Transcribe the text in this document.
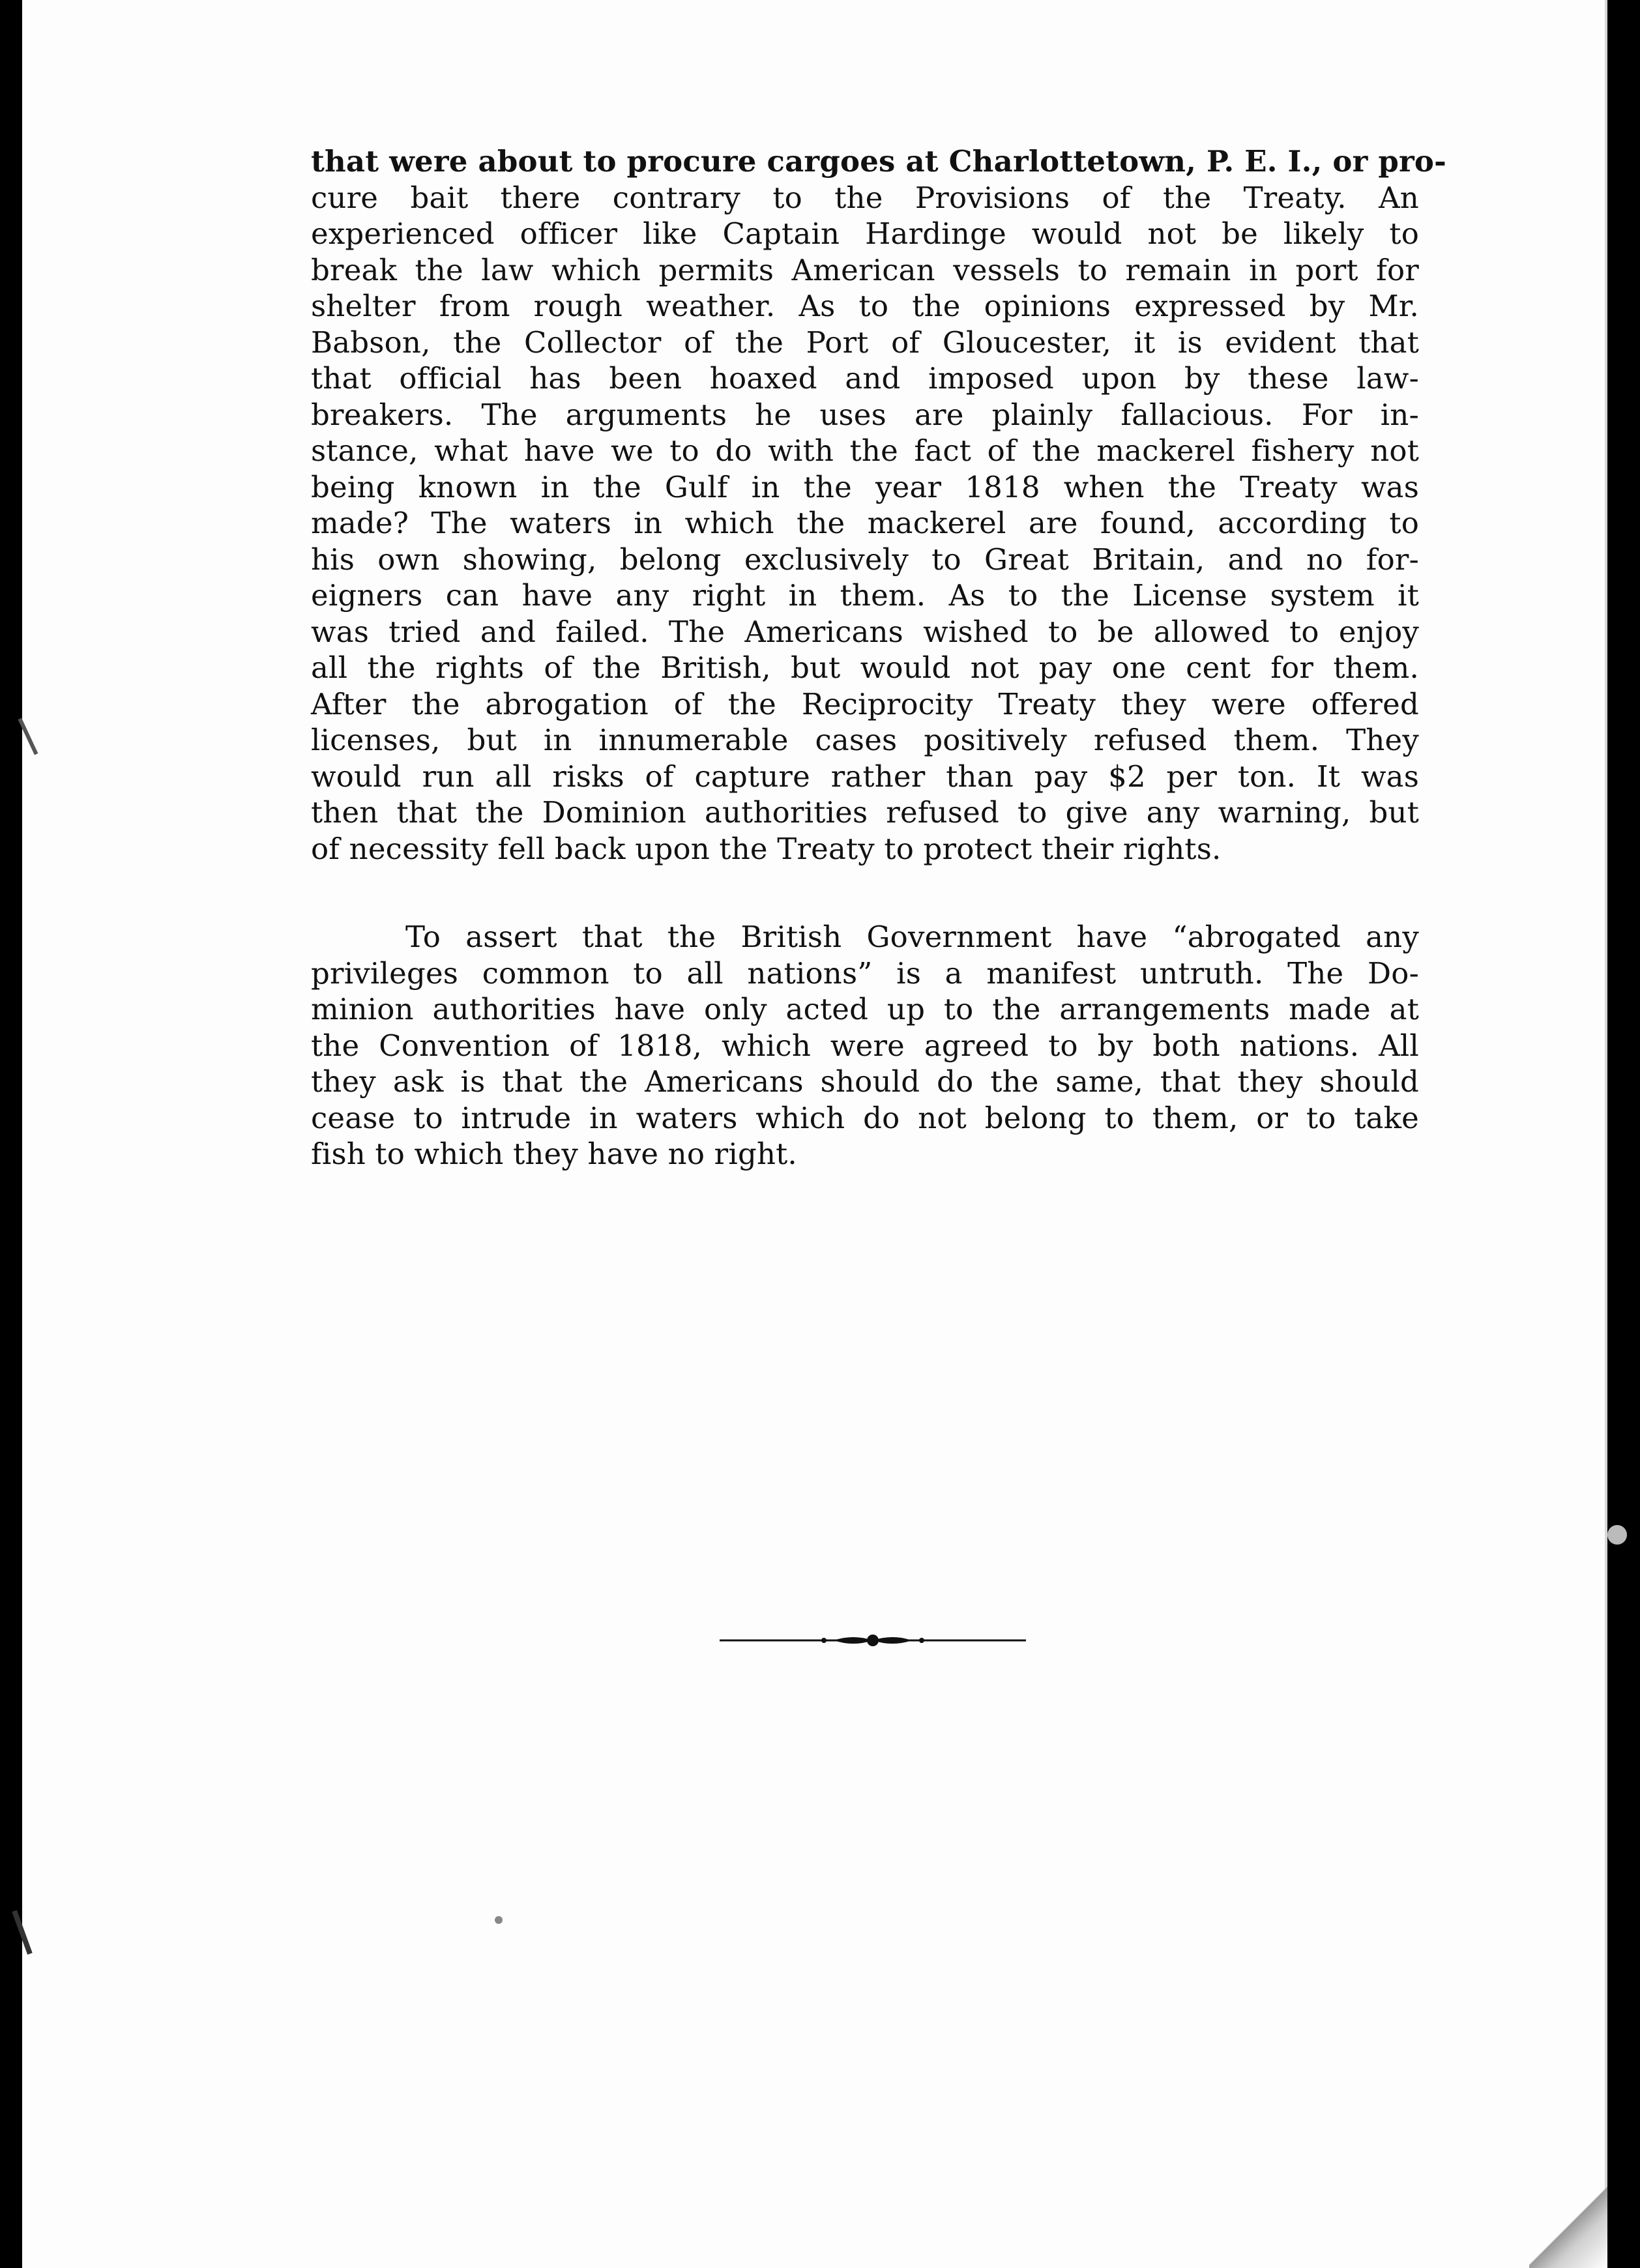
that were about to procure cargoes at Charlottetown, P. E. I., or pro-
cure bait there contrary to the Provisions of the Treaty. An
experienced officer like Captain Hardinge would not be likely to
break the law which permits American vessels to remain in port for
shelter from rough weather. As to the opinions expressed by Mr.
Babson, the Collector of the Port of Gloucester, it is evident that
that official has been hoaxed and imposed upon by these law-
breakers. The arguments he uses are plainly fallacious. For in-
stance, what have we to do with the fact of the mackerel fishery not
being known in the Gulf in the year 1818 when the Treaty was
made? The waters in which the mackerel are found, according to
his own showing, belong exclusively to Great Britain, and no for-
eigners can have any right in them. As to the License system it
was tried and failed. The Americans wished to be allowed to enjoy
all the rights of the British, but would not pay one cent for them.
After the abrogation of the Reciprocity Treaty they were offered
licenses, but in innumerable cases positively refused them. They
would run all risks of capture rather than pay $2 per ton. It was
then that the Dominion authorities refused to give any warning, but
of necessity fell back upon the Treaty to protect their rights.
To assert that the British Government have “abrogated any
privileges common to all nations” is a manifest untruth. The Do-
minion authorities have only acted up to the arrangements made at
the Convention of 1818, which were agreed to by both nations. All
they ask is that the Americans should do the same, that they should
cease to intrude in waters which do not belong to them, or to take
fish to which they have no right.
